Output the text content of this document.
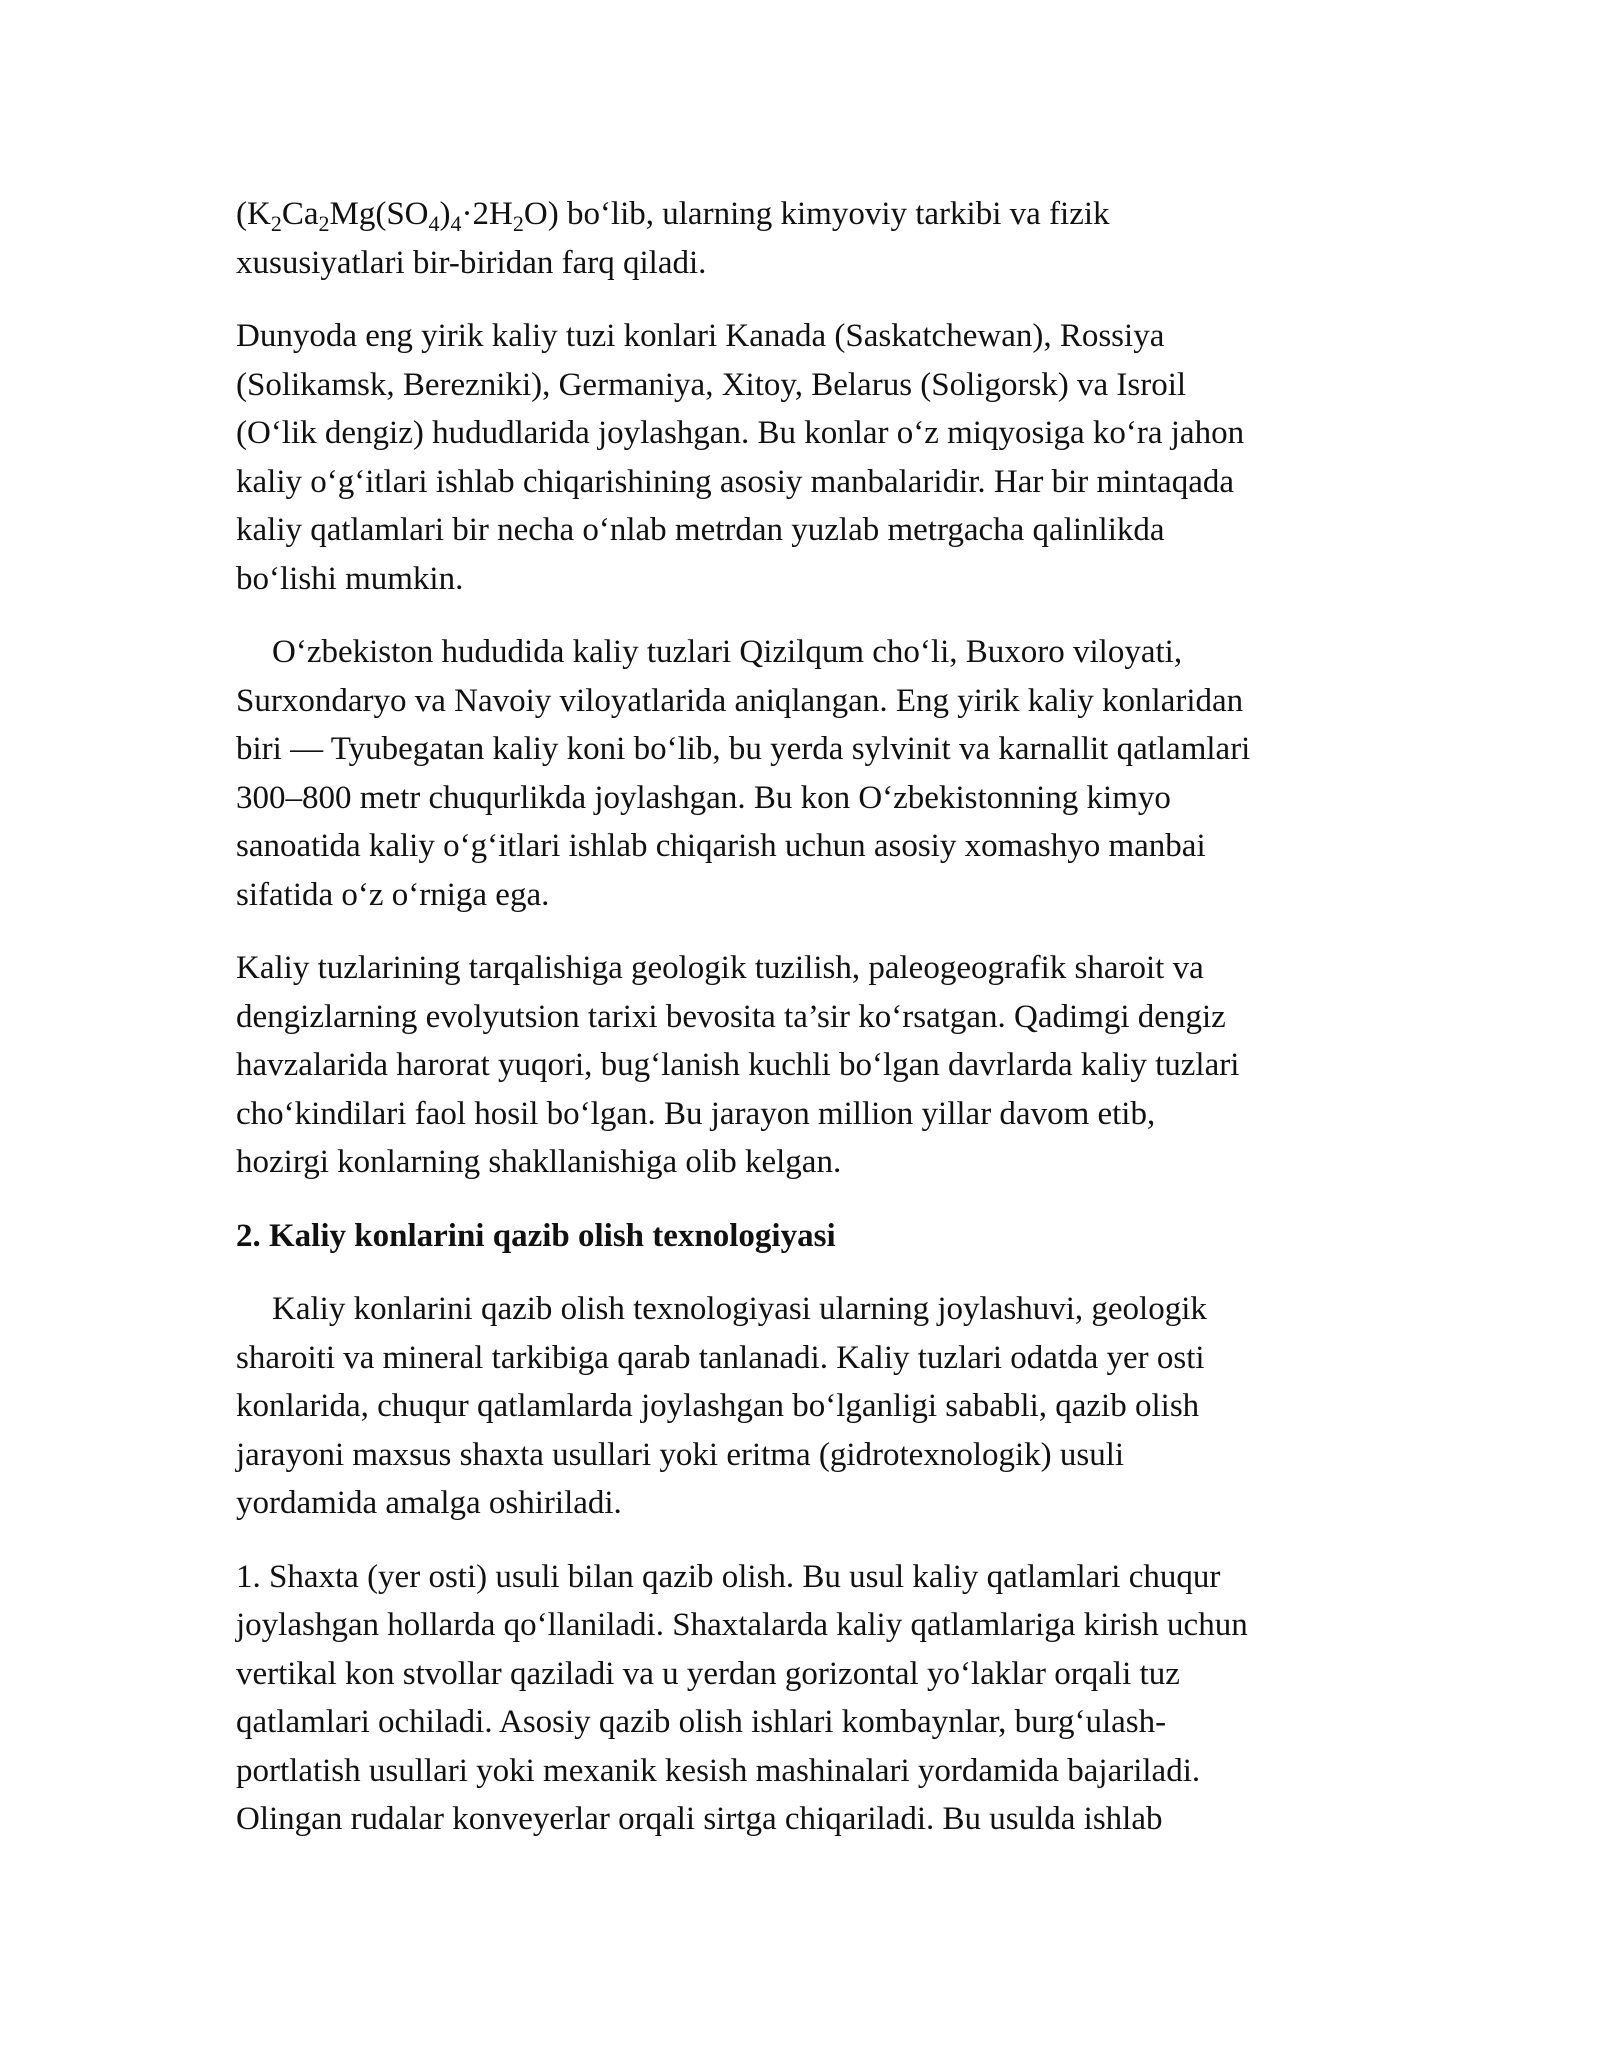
$(K_2Ca_2Mg(SO_4)_4\cdot 2H_2O)$ bo‘lib, ularning kimyoviy tarkibi va fizik
xususiyatlari bir-biridan farq qiladi.

Dunyoda eng yirik kaliy tuzi konlari Kanada (Saskatchewan), Rossiya
(Solikamsk, Berezniki), Germaniya, Xitoy, Belarus (Soligorsk) va Isroil
(O‘lik dengiz) hududlarida joylashgan. Bu konlar o‘z miqyosiga ko‘ra jahon
kaliy o‘g‘itlari ishlab chiqarishining asosiy manbalaridir. Har bir mintaqada
kaliy qatlamlari bir necha o‘nlab metrdan yuzlab metrgacha qalinlikda
bo‘lishi mumkin.

O‘zbekiston hududida kaliy tuzlari Qizilqum cho‘li, Buxoro viloyati,
Surxondaryo va Navoiy viloyatlarida aniqlangan. Eng yirik kaliy konlaridan
biri — Tyubegatan kaliy koni bo‘lib, bu yerda sylvinit va karnallit qatlamlari
300–800 metr chuqurlikda joylashgan. Bu kon O‘zbekistonning kimyo
sanoatida kaliy o‘g‘itlari ishlab chiqarish uchun asosiy xomashyo manbai
sifatida o‘z o‘rniga ega.

Kaliy tuzlarining tarqalishiga geologik tuzilish, paleogeografik sharoit va
dengizlarning evolyutsion tarixi bevosita ta’sir ko‘rsatgan. Qadimgi dengiz
havzalarida harorat yuqori, bug‘lanish kuchli bo‘lgan davrlarda kaliy tuzlari
cho‘kindilari faol hosil bo‘lgan. Bu jarayon million yillar davom etib,
hozirgi konlarning shakllanishiga olib kelgan.

2. Kaliy konlarini qazib olish texnologiyasi

Kaliy konlarini qazib olish texnologiyasi ularning joylashuvi, geologik
sharoiti va mineral tarkibiga qarab tanlanadi. Kaliy tuzlari odatda yer osti
konlarida, chuqur qatlamlarda joylashgan bo‘lganligi sababli, qazib olish
jarayoni maxsus shaxta usullari yoki eritma (gidrotexnologik) usuli
yordamida amalga oshiriladi.

1. Shaxta (yer osti) usuli bilan qazib olish. Bu usul kaliy qatlamlari chuqur
joylashgan hollarda qo‘llaniladi. Shaxtalarda kaliy qatlamlariga kirish uchun
vertikal kon stvollar qaziladi va u yerdan gorizontal yo‘laklar orqali tuz
qatlamlari ochiladi. Asosiy qazib olish ishlari kombaynlar, burg‘ulash-
portlatish usullari yoki mexanik kesish mashinalari yordamida bajariladi.
Olingan rudalar konveyerlar orqali sirtga chiqariladi. Bu usulda ishlab
